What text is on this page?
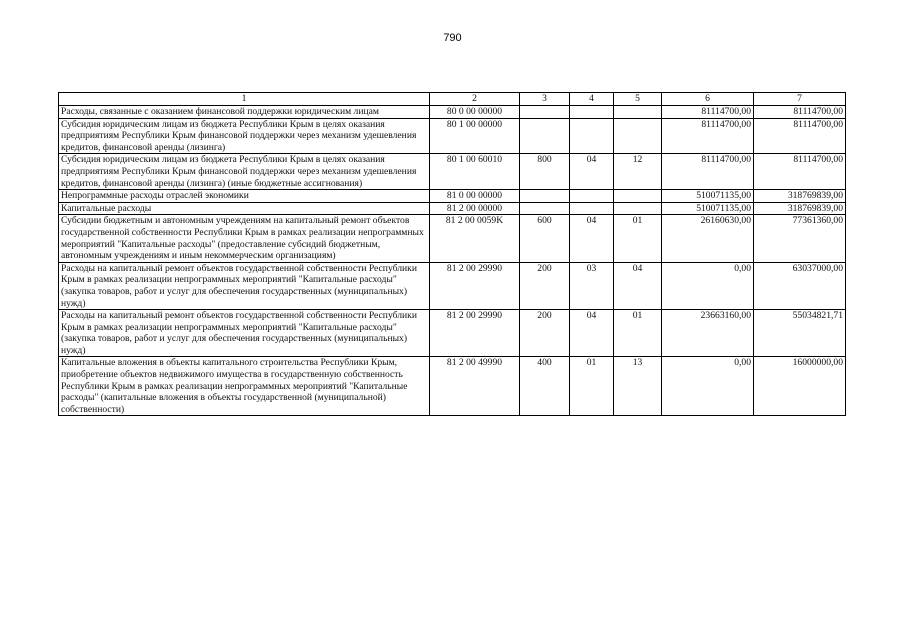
790
1	2	3	4	5	6	7
Расходы, связанные с оказанием финансовой поддержки юридическим лицам	80 0 00 00000				81114700,00	81114700,00
Субсидия юридическим лицам из бюджета Республики Крым в целях оказания предприятиям Республики Крым финансовой поддержки через механизм удешевления кредитов, финансовой аренды (лизинга)	80 1 00 00000				81114700,00	81114700,00
Субсидия юридическим лицам из бюджета Республики Крым в целях оказания предприятиям Республики Крым финансовой поддержки через механизм удешевления кредитов, финансовой аренды (лизинга) (иные бюджетные ассигнования)	80 1 00 60010	800	04	12	81114700,00	81114700,00
Непрограммные расходы отраслей экономики	81 0 00 00000				510071135,00	318769839,00
Капитальные расходы	81 2 00 00000				510071135,00	318769839,00
Субсидии бюджетным и автономным учреждениям на капитальный ремонт объектов государственной собственности Республики Крым в рамках реализации непрограммных мероприятий "Капитальные расходы" (предоставление субсидий бюджетным, автономным учреждениям и иным некоммерческим организациям)	81 2 00 0059K	600	04	01	26160630,00	77361360,00
Расходы на капитальный ремонт объектов государственной собственности Республики Крым в рамках реализации непрограммных мероприятий "Капитальные расходы" (закупка товаров, работ и услуг для обеспечения государственных (муниципальных) нужд)	81 2 00 29990	200	03	04	0,00	63037000,00
Расходы на капитальный ремонт объектов государственной собственности Республики Крым в рамках реализации непрограммных мероприятий "Капитальные расходы" (закупка товаров, работ и услуг для обеспечения государственных (муниципальных) нужд)	81 2 00 29990	200	04	01	23663160,00	55034821,71
Капитальные вложения в объекты капитального строительства Республики Крым, приобретение объектов недвижимого имущества в государственную собственность Республики Крым в рамках реализации непрограммных мероприятий "Капитальные расходы" (капитальные вложения в объекты государственной (муниципальной) собственности)	81 2 00 49990	400	01	13	0,00	16000000,00
